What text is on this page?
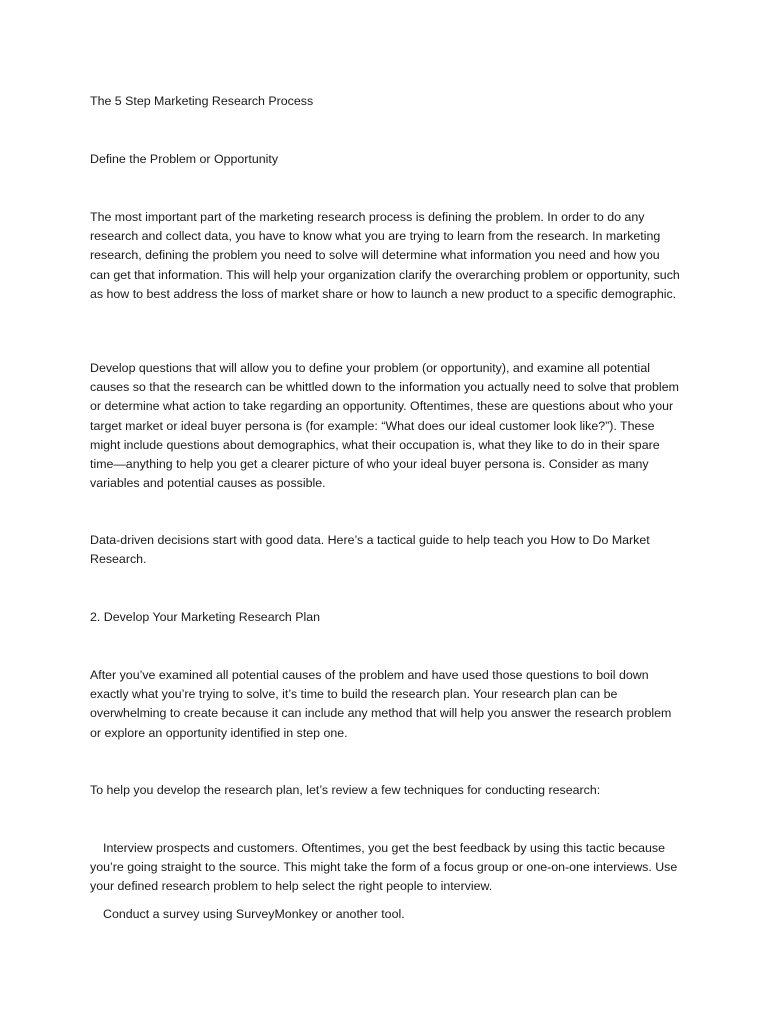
The 5 Step Marketing Research Process

Define the Problem or Opportunity

The most important part of the marketing research process is defining the problem. In order to do any research and collect data, you have to know what you are trying to learn from the research. In marketing research, defining the problem you need to solve will determine what information you need and how you can get that information. This will help your organization clarify the overarching problem or opportunity, such as how to best address the loss of market share or how to launch a new product to a specific demographic.

Develop questions that will allow you to define your problem (or opportunity), and examine all potential causes so that the research can be whittled down to the information you actually need to solve that problem or determine what action to take regarding an opportunity. Oftentimes, these are questions about who your target market or ideal buyer persona is (for example: “What does our ideal customer look like?”). These might include questions about demographics, what their occupation is, what they like to do in their spare time—anything to help you get a clearer picture of who your ideal buyer persona is. Consider as many variables and potential causes as possible.

Data-driven decisions start with good data. Here’s a tactical guide to help teach you How to Do Market Research.

2. Develop Your Marketing Research Plan

After you’ve examined all potential causes of the problem and have used those questions to boil down exactly what you’re trying to solve, it’s time to build the research plan. Your research plan can be overwhelming to create because it can include any method that will help you answer the research problem or explore an opportunity identified in step one.

To help you develop the research plan, let’s review a few techniques for conducting research:

Interview prospects and customers. Oftentimes, you get the best feedback by using this tactic because you’re going straight to the source. This might take the form of a focus group or one-on-one interviews. Use your defined research problem to help select the right people to interview.

Conduct a survey using SurveyMonkey or another tool.
